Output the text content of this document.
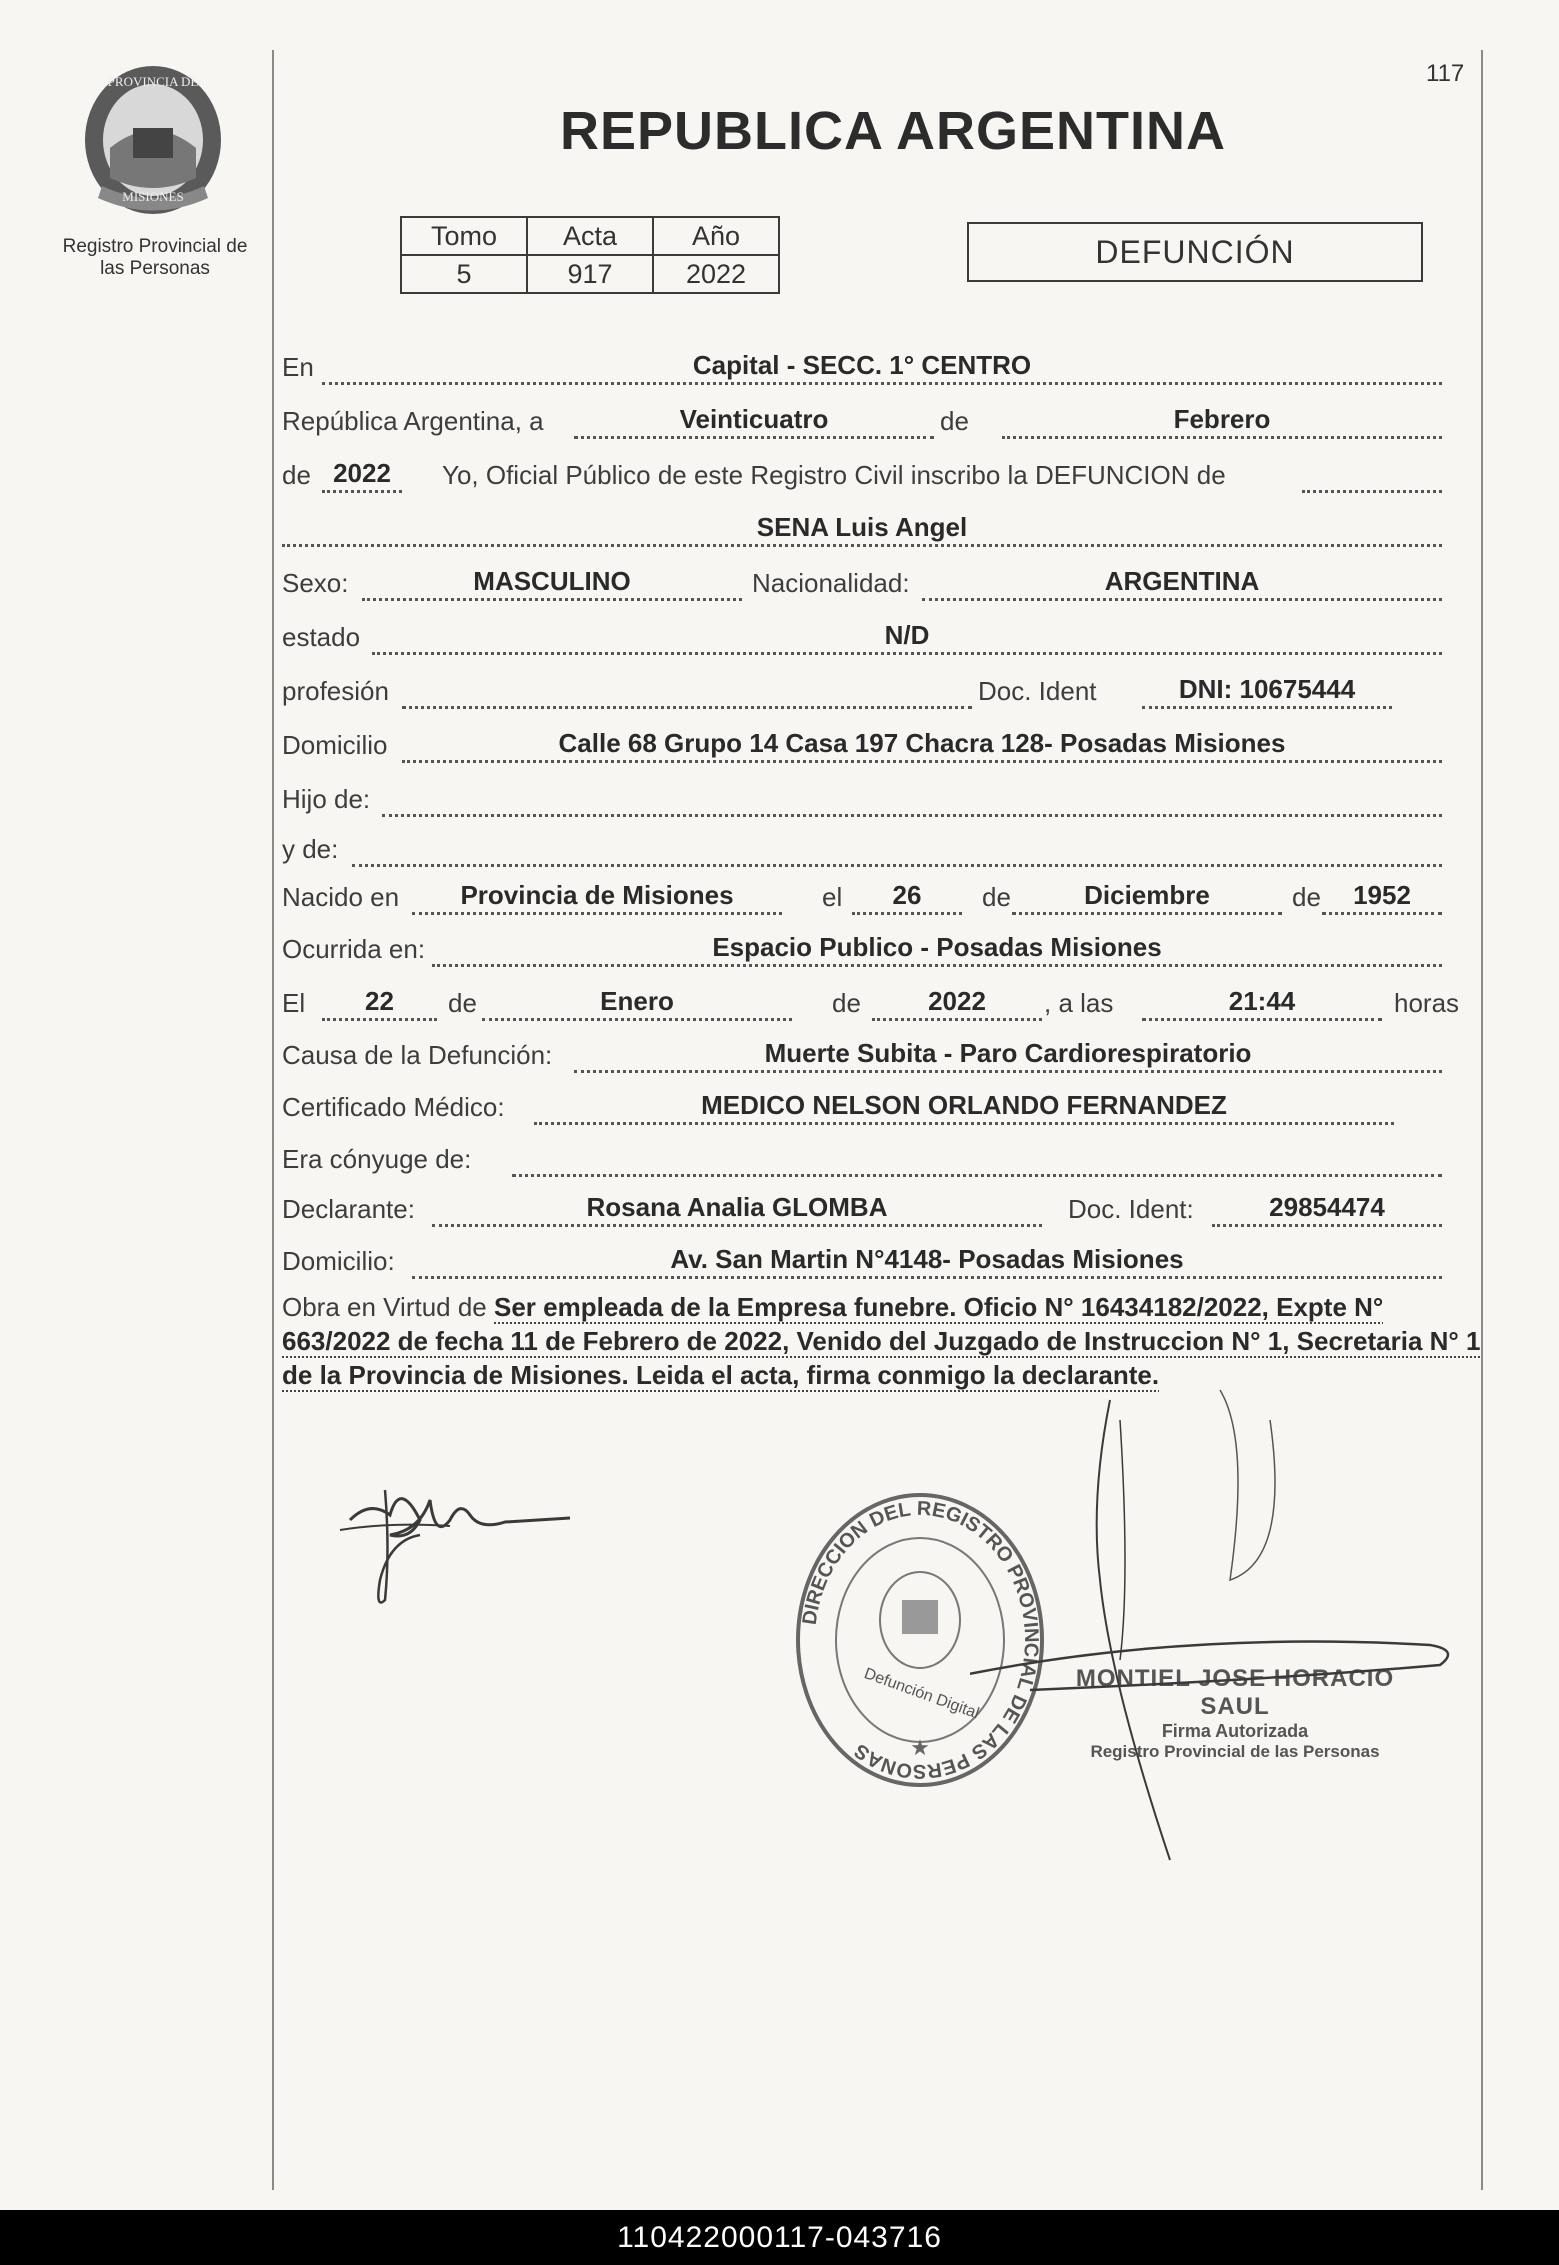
PROVINCIA DE
MISIONES
Registro Provincial de
las Personas
117
REPUBLICA ARGENTINA
Tomo	Acta	Año
5	917	2022
DEFUNCIÓN
En	Capital - SECC. 1° CENTRO
República Argentina, a	Veinticuatro	de	Febrero
de 2022	Yo, Oficial Público de este Registro Civil inscribo la DEFUNCION de
SENA Luis Angel
Sexo:	MASCULINO	Nacionalidad:	ARGENTINA
estado	N/D
profesión	Doc. Ident	DNI: 10675444
Domicilio	Calle 68 Grupo 14 Casa 197 Chacra 128- Posadas Misiones
Hijo de:
y de:
Nacido en	Provincia de Misiones	el	26	de	Diciembre	de	1952
Ocurrida en:	Espacio Publico - Posadas Misiones
El	22	de	Enero	de	2022	, a las	21:44	horas
Causa de la Defunción:	Muerte Subita - Paro Cardiorespiratorio
Certificado Médico:	MEDICO NELSON ORLANDO FERNANDEZ
Era cónyuge de:
Declarante:	Rosana Analia GLOMBA	Doc. Ident:	29854474
Domicilio:	Av. San Martin N°4148- Posadas Misiones
Obra en Virtud de Ser empleada de la Empresa funebre. Oficio N° 16434182/2022, Expte N° 663/2022 de fecha 11 de Febrero de 2022, Venido del Juzgado de Instruccion N° 1, Secretaria N° 1 de la Provincia de Misiones. Leida el acta, firma conmigo la declarante.
DIRECCION DEL REGISTRO PROVINCIAL DE LAS PERSONAS
Defunción Digital
★
MONTIEL JOSE HORACIO SAUL
Firma Autorizada
Registro Provincial de las Personas
110422000117-043716
